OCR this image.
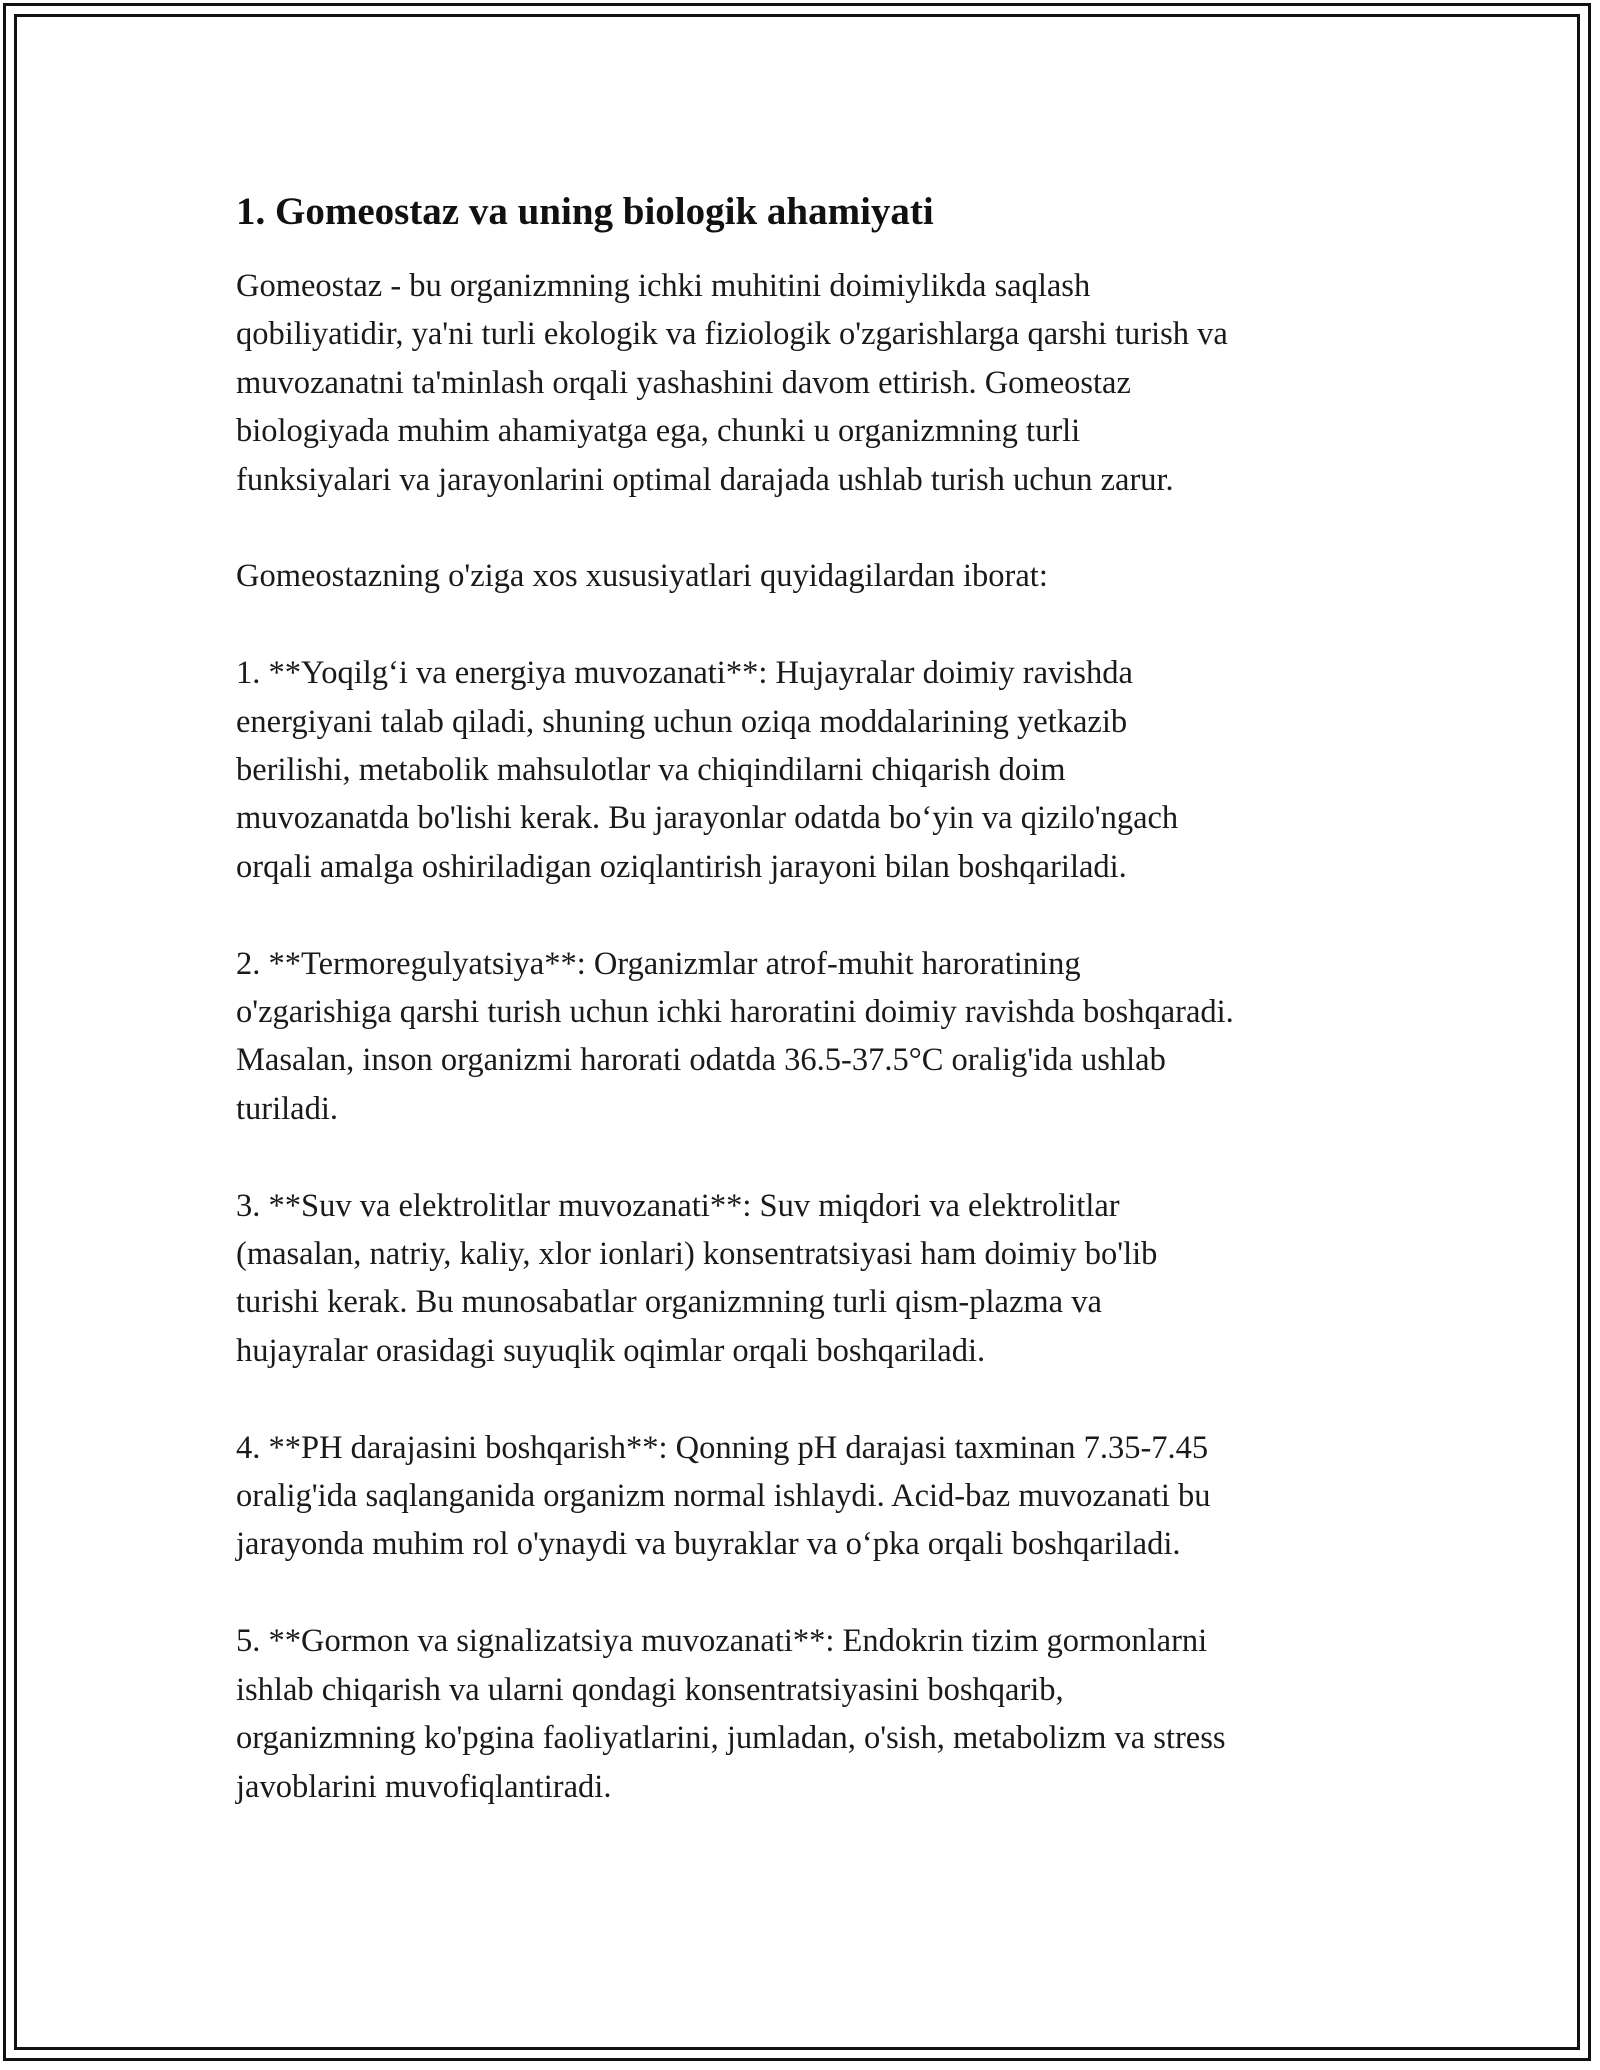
1. Gomeostaz va uning biologik ahamiyati

Gomeostaz - bu organizmning ichki muhitini doimiylikda saqlash
qobiliyatidir, ya'ni turli ekologik va fiziologik o'zgarishlarga qarshi turish va
muvozanatni ta'minlash orqali yashashini davom ettirish. Gomeostaz
biologiyada muhim ahamiyatga ega, chunki u organizmning turli
funksiyalari va jarayonlarini optimal darajada ushlab turish uchun zarur.

Gomeostazning o'ziga xos xususiyatlari quyidagilardan iborat:

1. **Yoqilg‘i va energiya muvozanati**: Hujayralar doimiy ravishda
energiyani talab qiladi, shuning uchun oziqa moddalarining yetkazib
berilishi, metabolik mahsulotlar va chiqindilarni chiqarish doim
muvozanatda bo'lishi kerak. Bu jarayonlar odatda bo‘yin va qizilo'ngach
orqali amalga oshiriladigan oziqlantirish jarayoni bilan boshqariladi.

2. **Termoregulyatsiya**: Organizmlar atrof-muhit haroratining
o'zgarishiga qarshi turish uchun ichki haroratini doimiy ravishda boshqaradi.
Masalan, inson organizmi harorati odatda 36.5-37.5°C oralig'ida ushlab
turiladi.

3. **Suv va elektrolitlar muvozanati**: Suv miqdori va elektrolitlar
(masalan, natriy, kaliy, xlor ionlari) konsentratsiyasi ham doimiy bo'lib
turishi kerak. Bu munosabatlar organizmning turli qism-plazma va
hujayralar orasidagi suyuqlik oqimlar orqali boshqariladi.

4. **PH darajasini boshqarish**: Qonning pH darajasi taxminan 7.35-7.45
oralig'ida saqlanganida organizm normal ishlaydi. Acid-baz muvozanati bu
jarayonda muhim rol o'ynaydi va buyraklar va o‘pka orqali boshqariladi.

5. **Gormon va signalizatsiya muvozanati**: Endokrin tizim gormonlarni
ishlab chiqarish va ularni qondagi konsentratsiyasini boshqarib,
organizmning ko'pgina faoliyatlarini, jumladan, o'sish, metabolizm va stress
javoblarini muvofiqlantiradi.
